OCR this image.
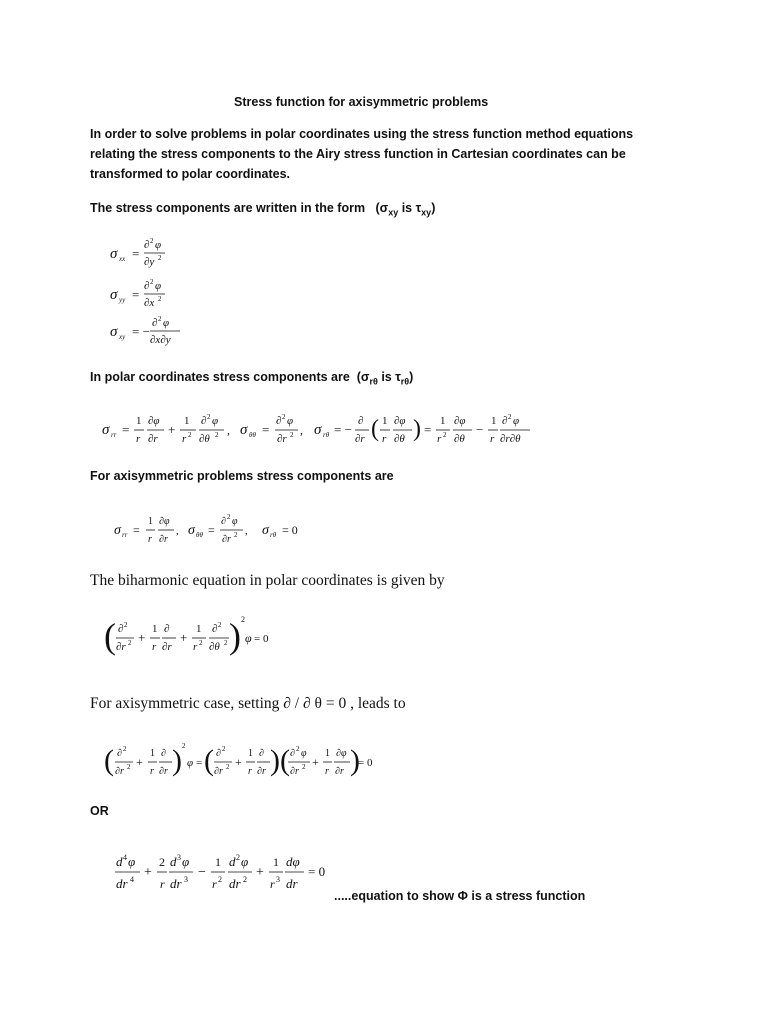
Stress function for axisymmetric problems
In order to solve problems in polar coordinates using the stress function method equations relating the stress components to the Airy stress function in Cartesian coordinates can be transformed to polar coordinates.
The stress components are written in the form ($\sigma_{xy}$ is $\tau_{xy}$)
σ xx =
∂ 2 φ
∂y 2
σ yy =
∂ 2 φ
∂x 2
σ xy = −
∂ 2 φ
∂x∂y
In polar coordinates stress components are ($\sigma_{r\theta}$ is $\tau_{r\theta}$)
σ rr =
1
r
∂φ
∂r
+
1
r 2
∂ 2 φ
∂θ 2 , σ θθ =
∂ 2 φ
∂r 2 , σ rθ = −
∂
∂r ( 1
r
∂φ
∂θ ) =
1
r 2
∂φ
∂θ
−
1
r
∂ 2 φ
∂r∂θ
For axisymmetric problems stress components are
σ rr =
1
r
∂φ
∂r
, σ θθ =
∂ 2 φ
∂r 2 , σ rθ = 0
The biharmonic equation in polar coordinates is given by
( ∂ 2
∂r 2 +
1
r
∂
∂r
+
1
r 2
∂ 2
∂θ 2 ) 2
φ = 0
For axisymmetric case, setting ∂ / ∂ θ = 0 , leads to
( ∂ 2
∂r 2 +
1
r
∂
∂r ) 2
φ = ( ∂ 2
∂r 2 +
1
r
∂
∂r )( ∂ 2 φ
∂r 2 +
1
r
∂φ
∂r )
= 0
OR
d 4 φ
dr 4 +
2
r
d 3 φ
dr 3 −
1
r 2
d 2 φ
dr 2 +
1
r 3
dφ
dr
= 0
.....equation to show Φ is a stress function
